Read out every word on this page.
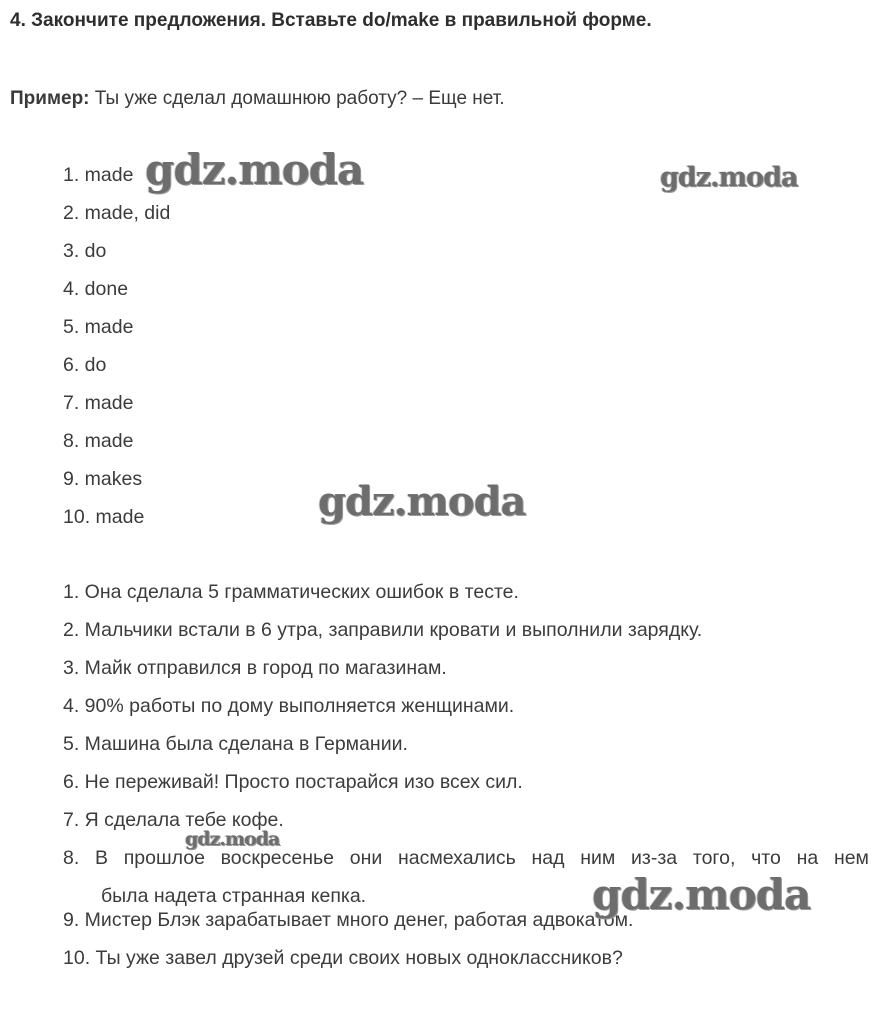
4. Закончите предложения. Вставьте do/make в правильной форме.
Пример: Ты уже сделал домашнюю работу? – Еще нет.
1. made
2. made, did
3. do
4. done
5. made
6. do
7. made
8. made
9. makes
10. made
1. Она сделала 5 грамматических ошибок в тесте.
2. Мальчики встали в 6 утра, заправили кровати и выполнили зарядку.
3. Майк отправился в город по магазинам.
4. 90% работы по дому выполняется женщинами.
5. Машина была сделана в Германии.
6. Не переживай! Просто постарайся изо всех сил.
7. Я сделала тебе кофе.
8. В прошлое воскресенье они насмехались над ним из-за того, что на нем
была надета странная кепка.
9. Мистер Блэк зарабатывает много денег, работая адвокатом.
10. Ты уже завел друзей среди своих новых одноклассников?
gdz.moda	gdz.moda
gdz.moda
gdz.moda
gdz.moda
